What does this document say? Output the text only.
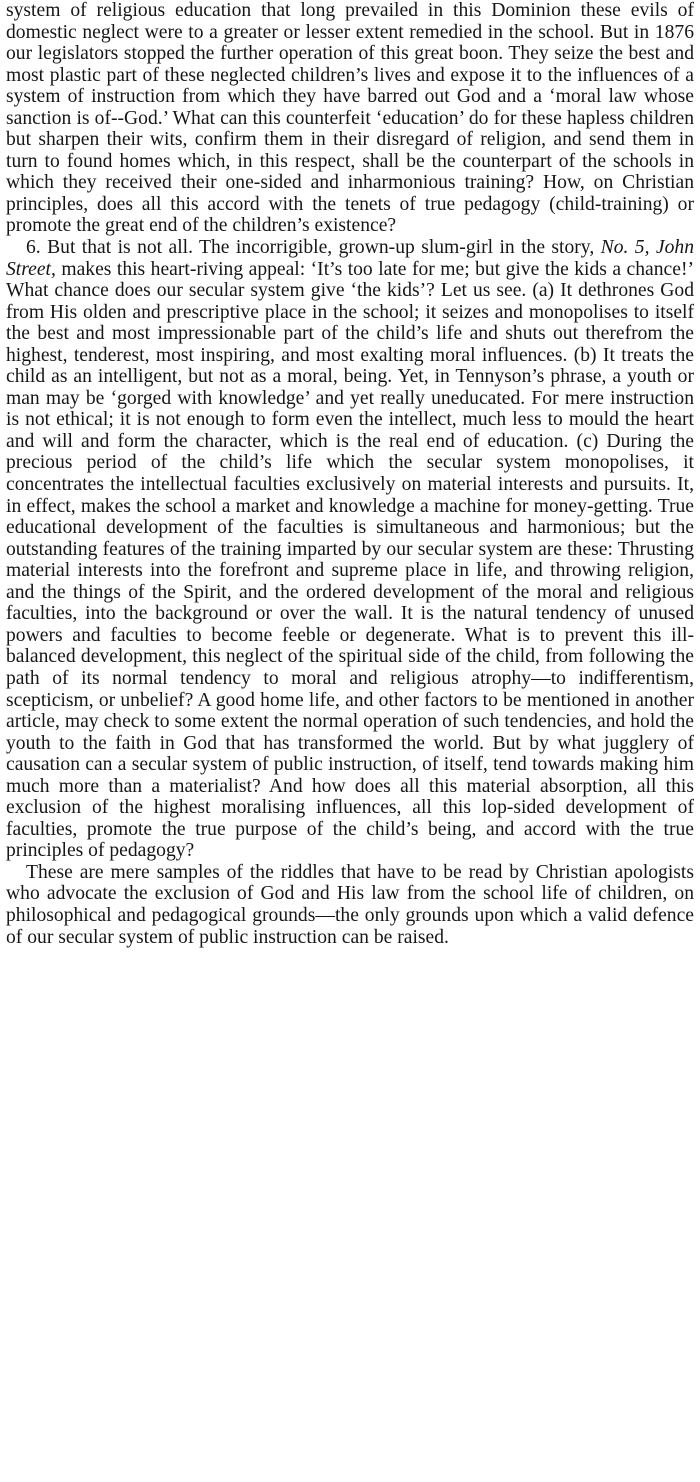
system of religious education that long prevailed in this Dominion these evils of domestic neglect were to a greater or lesser extent remedied in the school. But in 1876 our legislators stopped the further operation of this great boon. They seize the best and most plastic part of these neglected children’s lives and expose it to the influences of a system of instruction from which they have barred out God and a ‘moral law whose sanction is of--God.’ What can this counterfeit ‘education’ do for these hapless children but sharpen their wits, confirm them in their disregard of religion, and send them in turn to found homes which, in this respect, shall be the counterpart of the schools in which they received their one-sided and inharmonious training? How, on Christian principles, does all this accord with the tenets of true pedagogy (child-training) or promote the great end of the children’s existence?

6. But that is not all. The incorrigible, grown-up slum-girl in the story, No. 5, John Street, makes this heart-riving appeal: ‘It’s too late for me; but give the kids a chance!’ What chance does our secular system give ‘the kids’? Let us see. (a) It dethrones God from His olden and prescriptive place in the school; it seizes and monopolises to itself the best and most impressionable part of the child’s life and shuts out therefrom the highest, tenderest, most inspiring, and most exalting moral influences. (b) It treats the child as an intelligent, but not as a moral, being. Yet, in Tennyson’s phrase, a youth or man may be ‘gorged with knowledge’ and yet really uneducated. For mere instruction is not ethical; it is not enough to form even the intellect, much less to mould the heart and will and form the character, which is the real end of education. (c) During the precious period of the child’s life which the secular system monopolises, it concentrates the intellectual faculties exclusively on material interests and pursuits. It, in effect, makes the school a market and knowledge a machine for money-getting. True educational development of the faculties is simultaneous and harmonious; but the outstanding features of the training imparted by our secular system are these: Thrusting material interests into the forefront and supreme place in life, and throwing religion, and the things of the Spirit, and the ordered development of the moral and religious faculties, into the background or over the wall. It is the natural tendency of unused powers and faculties to become feeble or degenerate. What is to prevent this ill-balanced development, this neglect of the spiritual side of the child, from following the path of its normal tendency to moral and religious atrophy—to indifferentism, scepticism, or unbelief? A good home life, and other factors to be mentioned in another article, may check to some extent the normal operation of such tendencies, and hold the youth to the faith in God that has transformed the world. But by what jugglery of causation can a secular system of public instruction, of itself, tend towards making him much more than a materialist? And how does all this material absorption, all this exclusion of the highest moralising influences, all this lop-sided development of faculties, promote the true purpose of the child’s being, and accord with the true principles of pedagogy?

These are mere samples of the riddles that have to be read by Christian apologists who advocate the exclusion of God and His law from the school life of children, on philosophical and pedagogical grounds—the only grounds upon which a valid defence of our secular system of public instruction can be raised.
